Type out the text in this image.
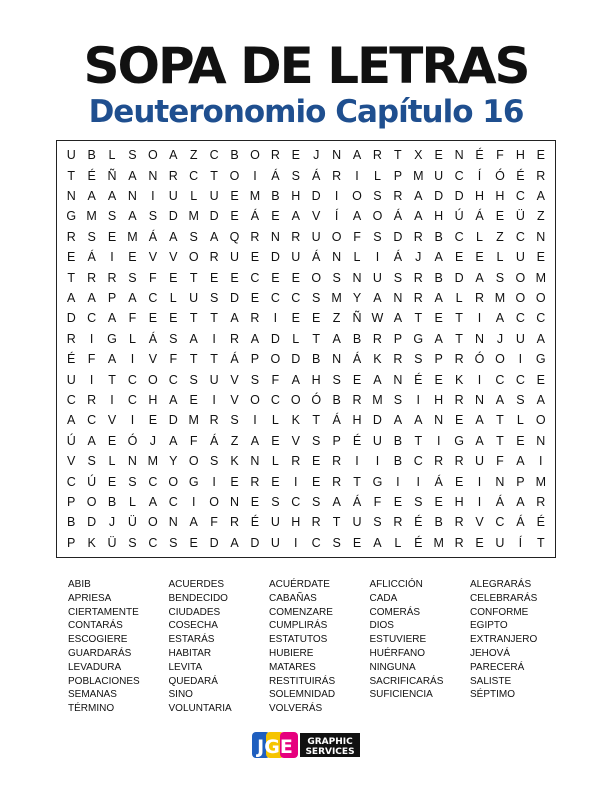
SOPA DE LETRAS
Deuteronomio Capítulo 16
U B	L	S O A Z C B O R E	J	N A R T X E N É F H E
T É Ñ A N R C T O	I	Á S Á R	I	L	P M U C	Í	Ó É R
N A A N	I	U L U E M B H D	I	O S R A D D H H C A
G M S A S D M D E Á E A V	Í	A O Á A H Ú Á E Ü Z
R S E M Á A S A Q R N R U O F S D R B C L	Z C N
E Á	I	E V V O R U E D U Á N L	I	Á	J	A E E	L U E
T R R S F E T E E C E E O S N U S R B D A S O M
A A P A C L U S D E C C S M Y A N R A	L R M O O
D C A F E E T	T A R	I	E E Z Ñ W A T E T	I	A C C
R	I	G L	Á S A	I	R A D L	T A B R P G A T N	J	U A
É F A	I	V F	T	T Á P O D B N Á K R S P R Ó O	I	G
U	I	T C O C S U V S F A H S E A N É E K	I	C C E
C R	I	C H A E	I	V O C O Ó B R M S	I	H R N A S A
A C V	I	E D M R S	I	L	K T Á H D A A N E A T	L O
Ú A E Ó J	A F Á Z A E V S P É U B T	I	G A T E N
V S	L N M Y O S K N L R E R	I	I	B C R R U F A	I
C Ú E S C O G	I	E R E	I	E R T G	I	I	Á E	I	N P M
P O B	L	A C	I	O N E S C S A Á F E S E H	I	Á A R
B D	J	Ü O N A F R É U H R T U S R É B R V C Á É
P K Ü S C S E D A D U	I	C S E A	L	É M R E U	Í	T
ABIB	ACUERDES	ACUÉRDATE	AFLICCIÓN	ALEGRARÁS
APRIESA	BENDECIDO	CABAÑAS	CADA	CELEBRARÁS
CIERTAMENTE	CIUDADES	COMENZARE	COMERÁS	CONFORME
CONTARÁS	COSECHA	CUMPLIRÁS	DIOS	EGIPTO
ESCOGIERE	ESTARÁS	ESTATUTOS	ESTUVIERE	EXTRANJERO
GUARDARÁS	HABITAR	HUBIERE	HUÉRFANO	JEHOVÁ
LEVADURA	LEVITA	MATARES	NINGUNA	PARECERÁ
POBLACIONES	QUEDARÁ	RESTITUIRÁS	SACRIFICARÁS	SALISTE
SEMANAS	SINO	SOLEMNIDAD	SUFICIENCIA	SÉPTIMO
TÉRMINO	VOLUNTARIA	VOLVERÁS
JGE GRAPHIC
SERVICES
